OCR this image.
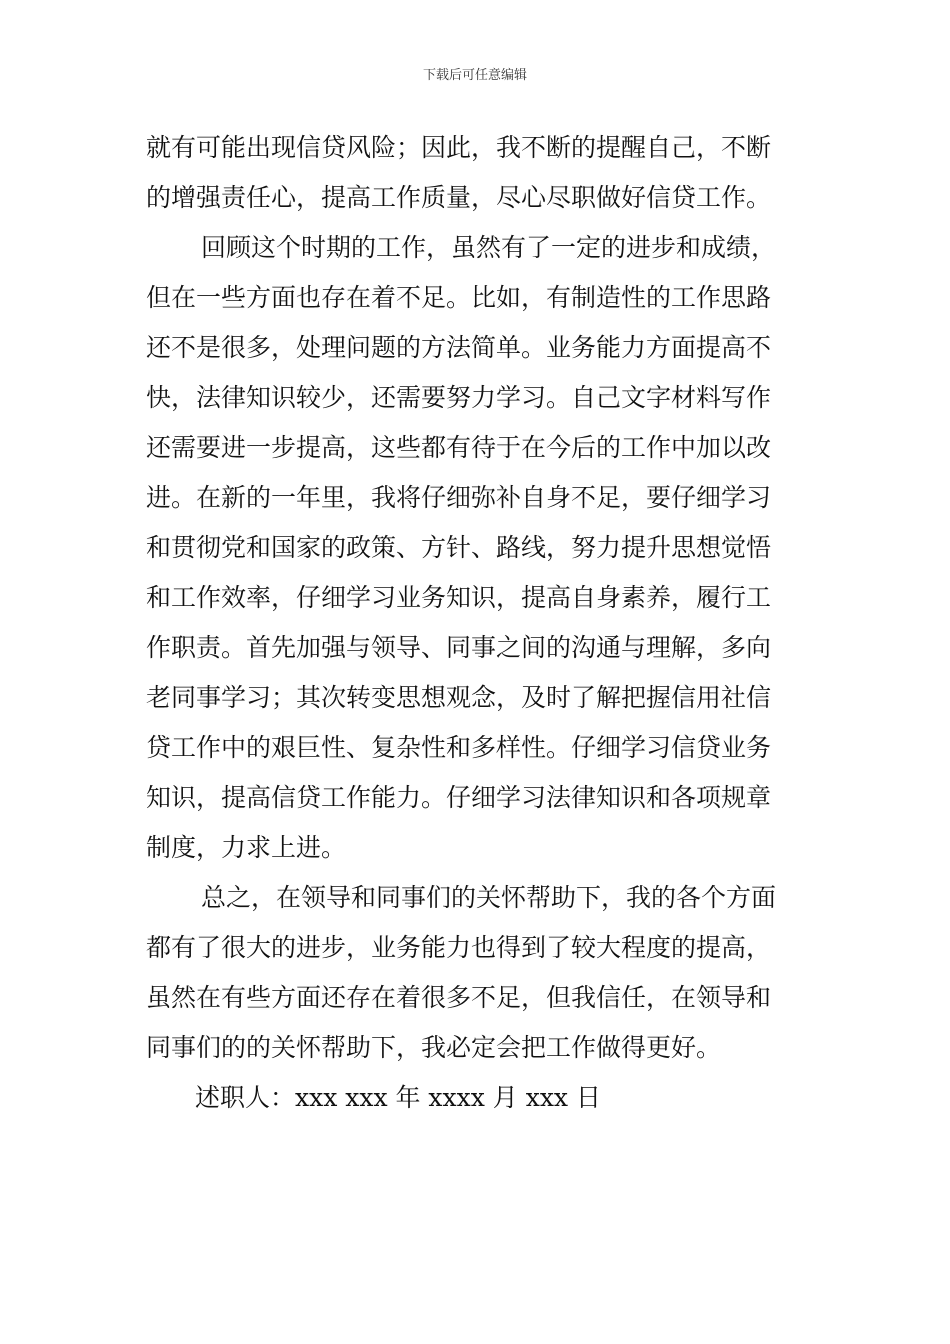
下载后可任意编辑
就有可能出现信贷风险；因此，我不断的提醒自己，不断
的增强责任心，提高工作质量，尽心尽职做好信贷工作。
回顾这个时期的工作，虽然有了一定的进步和成绩，
但在一些方面也存在着不足。比如，有制造性的工作思路
还不是很多，处理问题的方法简单。业务能力方面提高不
快，法律知识较少，还需要努力学习。自己文字材料写作
还需要进一步提高，这些都有待于在今后的工作中加以改
进。在新的一年里，我将仔细弥补自身不足，要仔细学习
和贯彻党和国家的政策、方针、路线，努力提升思想觉悟
和工作效率，仔细学习业务知识，提高自身素养，履行工
作职责。首先加强与领导、同事之间的沟通与理解，多向
老同事学习；其次转变思想观念，及时了解把握信用社信
贷工作中的艰巨性、复杂性和多样性。仔细学习信贷业务
知识，提高信贷工作能力。仔细学习法律知识和各项规章
制度，力求上进。
总之，在领导和同事们的关怀帮助下，我的各个方面
都有了很大的进步，业务能力也得到了较大程度的提高，
虽然在有些方面还存在着很多不足，但我信任，在领导和
同事们的的关怀帮助下，我必定会把工作做得更好。
述职人：xxx xxx 年 xxxx 月 xxx 日
